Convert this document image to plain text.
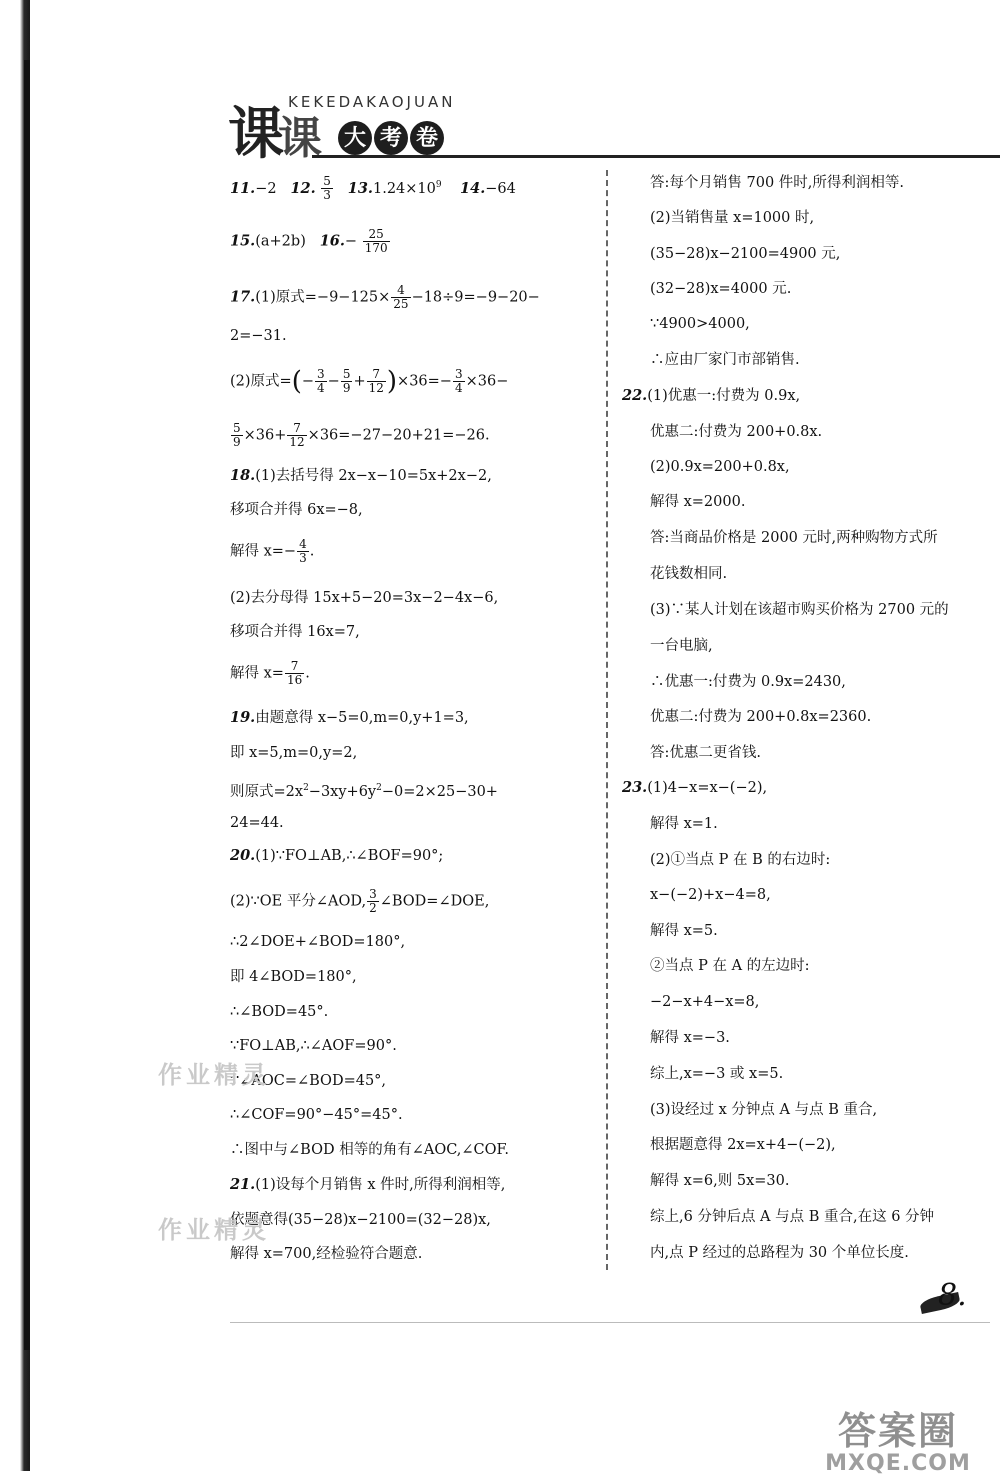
课课
KEKEDAKAOJUAN
大 考 卷
11.−2 12. $\frac{5}{3} 13.1.24\times 10^9$ 14.−64
15.(a+2b) $16.- \frac{25}{170}$
17.(1)原式$=-9-125\times \frac{4}{25} -18\div 9=-9-20-$
2=−31.
(2)原式=(− $\frac{3}{4} - \frac{5}{9} + \frac{7}{12} )\times 36=- \frac{3}{4} \times 36-$
$\frac{5}{9} \times 36+ \frac{7}{12} \times 36=-27-20+21=-26$.
18.(1)去括号得 2x−x−10=5x+2x−2,
移项合并得 6x=−8,
解得 $x=- \frac{4}{3}$ .
(2)去分母得 15x+5−20=3x−2−4x−6,
移项合并得 16x=7,
解得 $x= \frac{7}{16}$ .
19.由题意得 x−5=0,m=0,y+1=3,
即 x=5,m=0,y=2,
则原式$=2x^2-3xy+6y^2-0=2\times 25-30+$
24=44.
20.(1)∵FO⊥AB,∴∠BOF=90°;
(2)∵OE 平分∠AOD, $\frac{3}{2}$ ∠BOD=∠DOE,
∴2∠DOE+∠BOD=180°,
即 4∠BOD=180°,
∴∠BOD=45°.
∵FO⊥AB,∴∠AOF=90°.
∵∠AOC=∠BOD=45°,
∴∠COF=90°−45°=45°.
∴图中与∠BOD 相等的角有∠AOC,∠COF.
21.(1)设每个月销售 x 件时,所得利润相等,
依题意得(35−28)x−2100=(32−28)x,
解得 x=700,经检验符合题意.
答:每个月销售 700 件时,所得利润相等.
(2)当销售量 x=1000 时,
(35−28)x−2100=4900 元,
(32−28)x=4000 元.
∵4900>4000,
∴应由厂家门市部销售.
22.(1)优惠一:付费为 0.9x,
优惠二:付费为 200+0.8x.
(2)0.9x=200+0.8x,
解得 x=2000.
答:当商品价格是 2000 元时,两种购物方式所
花钱数相同.
(3)∵某人计划在该超市购买价格为 2700 元的
一台电脑,
∴优惠一:付费为 0.9x=2430,
优惠二:付费为 200+0.8x=2360.
答:优惠二更省钱.
23.(1)4−x=x−(−2),
解得 x=1.
(2)①当点 P 在 B 的右边时:
x−(−2)+x−4=8,
解得 x=5.
②当点 P 在 A 的左边时:
−2−x+4−x=8,
解得 x=−3.
综上,x=−3 或 x=5.
(3)设经过 x 分钟点 A 与点 B 重合,
根据题意得 2x=x+4−(−2),
解得 x=6,则 5x=30.
综上,6 分钟后点 A 与点 B 重合,在这 6 分钟
内,点 P 经过的总路程为 30 个单位长度.
作业精灵
作业精灵
8.
答案圈
MXQE.COM
